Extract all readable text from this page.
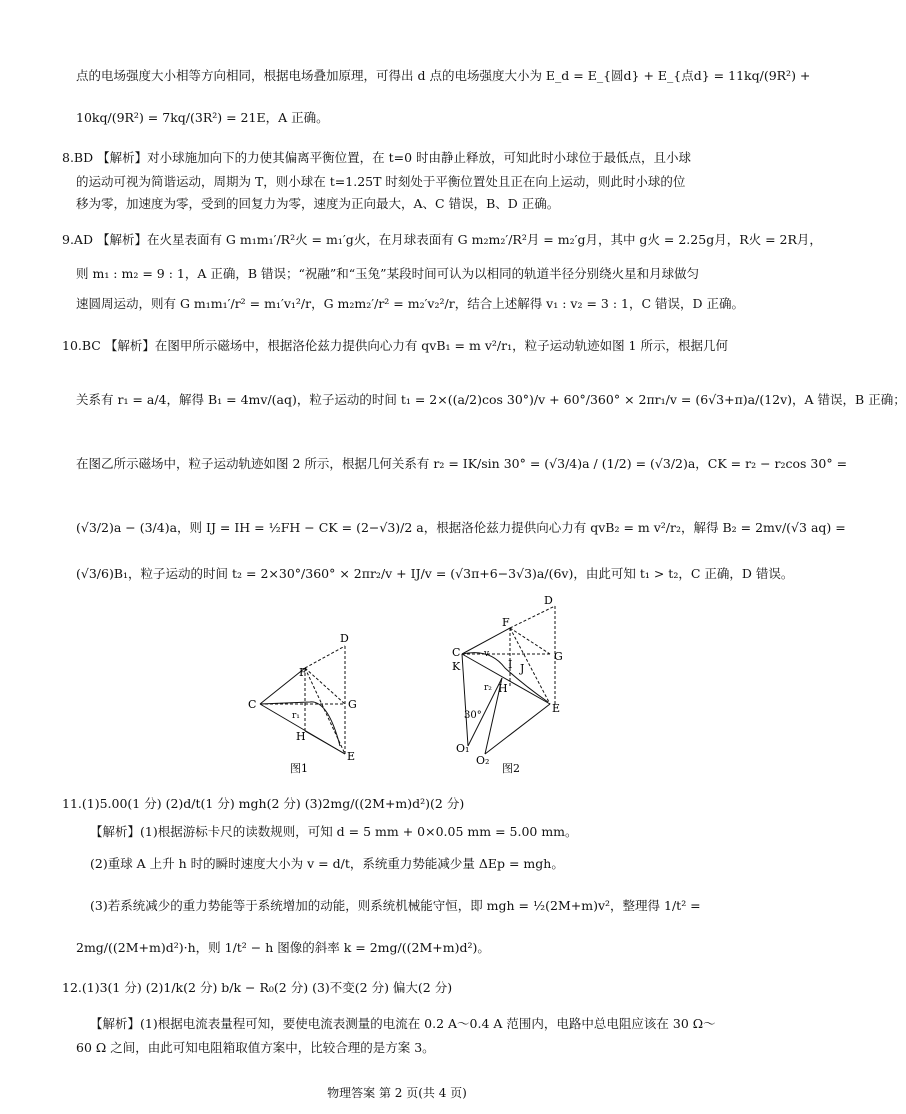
点的电场强度大小相等方向相同，根据电场叠加原理，可得出 d 点的电场强度大小为 E_d = E_{圆d} + E_{点d} = 11kq/(9R²) +
10kq/(9R²) = 7kq/(3R²) = 21E，A 正确。
8.BD 【解析】对小球施加向下的力使其偏离平衡位置，在 t=0 时由静止释放，可知此时小球位于最低点，且小球
的运动可视为简谐运动，周期为 T，则小球在 t=1.25T 时刻处于平衡位置处且正在向上运动，则此时小球的位
移为零，加速度为零，受到的回复力为零，速度为正向最大，A、C 错误，B、D 正确。
9.AD 【解析】在火星表面有 G m₁m₁′/R²火 = m₁′g火，在月球表面有 G m₂m₂′/R²月 = m₂′g月，其中 g火 = 2.25g月，R火 = 2R月，
则 m₁ : m₂ = 9 : 1，A 正确，B 错误；“祝融”和“玉兔”某段时间可认为以相同的轨道半径分别绕火星和月球做匀
速圆周运动，则有 G m₁m₁′/r² = m₁′v₁²/r，G m₂m₂′/r² = m₂′v₂²/r，结合上述解得 v₁ : v₂ = 3 : 1，C 错误，D 正确。
10.BC 【解析】在图甲所示磁场中，根据洛伦兹力提供向心力有 qvB₁ = m v²/r₁，粒子运动轨迹如图 1 所示，根据几何
关系有 r₁ = a/4，解得 B₁ = 4mv/(aq)，粒子运动的时间 t₁ = 2×((a/2)cos 30°)/v + 60°/360° × 2πr₁/v = (6√3+π)a/(12v)，A 错误，B 正确；
在图乙所示磁场中，粒子运动轨迹如图 2 所示，根据几何关系有 r₂ = IK/sin 30° = (√3/4)a / (1/2) = (√3/2)a，CK = r₂ − r₂cos 30° =
(√3/2)a − (3/4)a，则 IJ = IH = ½FH − CK = (2−√3)/2 a，根据洛伦兹力提供向心力有 qvB₂ = m v²/r₂，解得 B₂ = 2mv/(√3 aq) =
(√3/6)B₁，粒子运动的时间 t₂ = 2×30°/360° × 2πr₂/v + IJ/v = (√3π+6−3√3)a/(6v)，由此可知 t₁ > t₂，C 正确，D 错误。
C
D
F
G
H
E
r₁
图1
D
F
C
K
G
I J
H
r₂
v
E
30°
O₁
O₂
图2
11.(1)5.00(1 分) (2)d/t(1 分) mgh(2 分) (3)2mg/((2M+m)d²)(2 分)
【解析】(1)根据游标卡尺的读数规则，可知 d = 5 mm + 0×0.05 mm = 5.00 mm。
(2)重球 A 上升 h 时的瞬时速度大小为 v = d/t，系统重力势能减少量 ΔEp = mgh。
(3)若系统减少的重力势能等于系统增加的动能，则系统机械能守恒，即 mgh = ½(2M+m)v²，整理得 1/t² =
2mg/((2M+m)d²)·h，则 1/t² − h 图像的斜率 k = 2mg/((2M+m)d²)。
12.(1)3(1 分) (2)1/k(2 分) b/k − R₀(2 分) (3)不变(2 分) 偏大(2 分)
【解析】(1)根据电流表量程可知，要使电流表测量的电流在 0.2 A～0.4 A 范围内，电路中总电阻应该在 30 Ω～
60 Ω 之间，由此可知电阻箱取值方案中，比较合理的是方案 3。
物理答案 第 2 页(共 4 页)
